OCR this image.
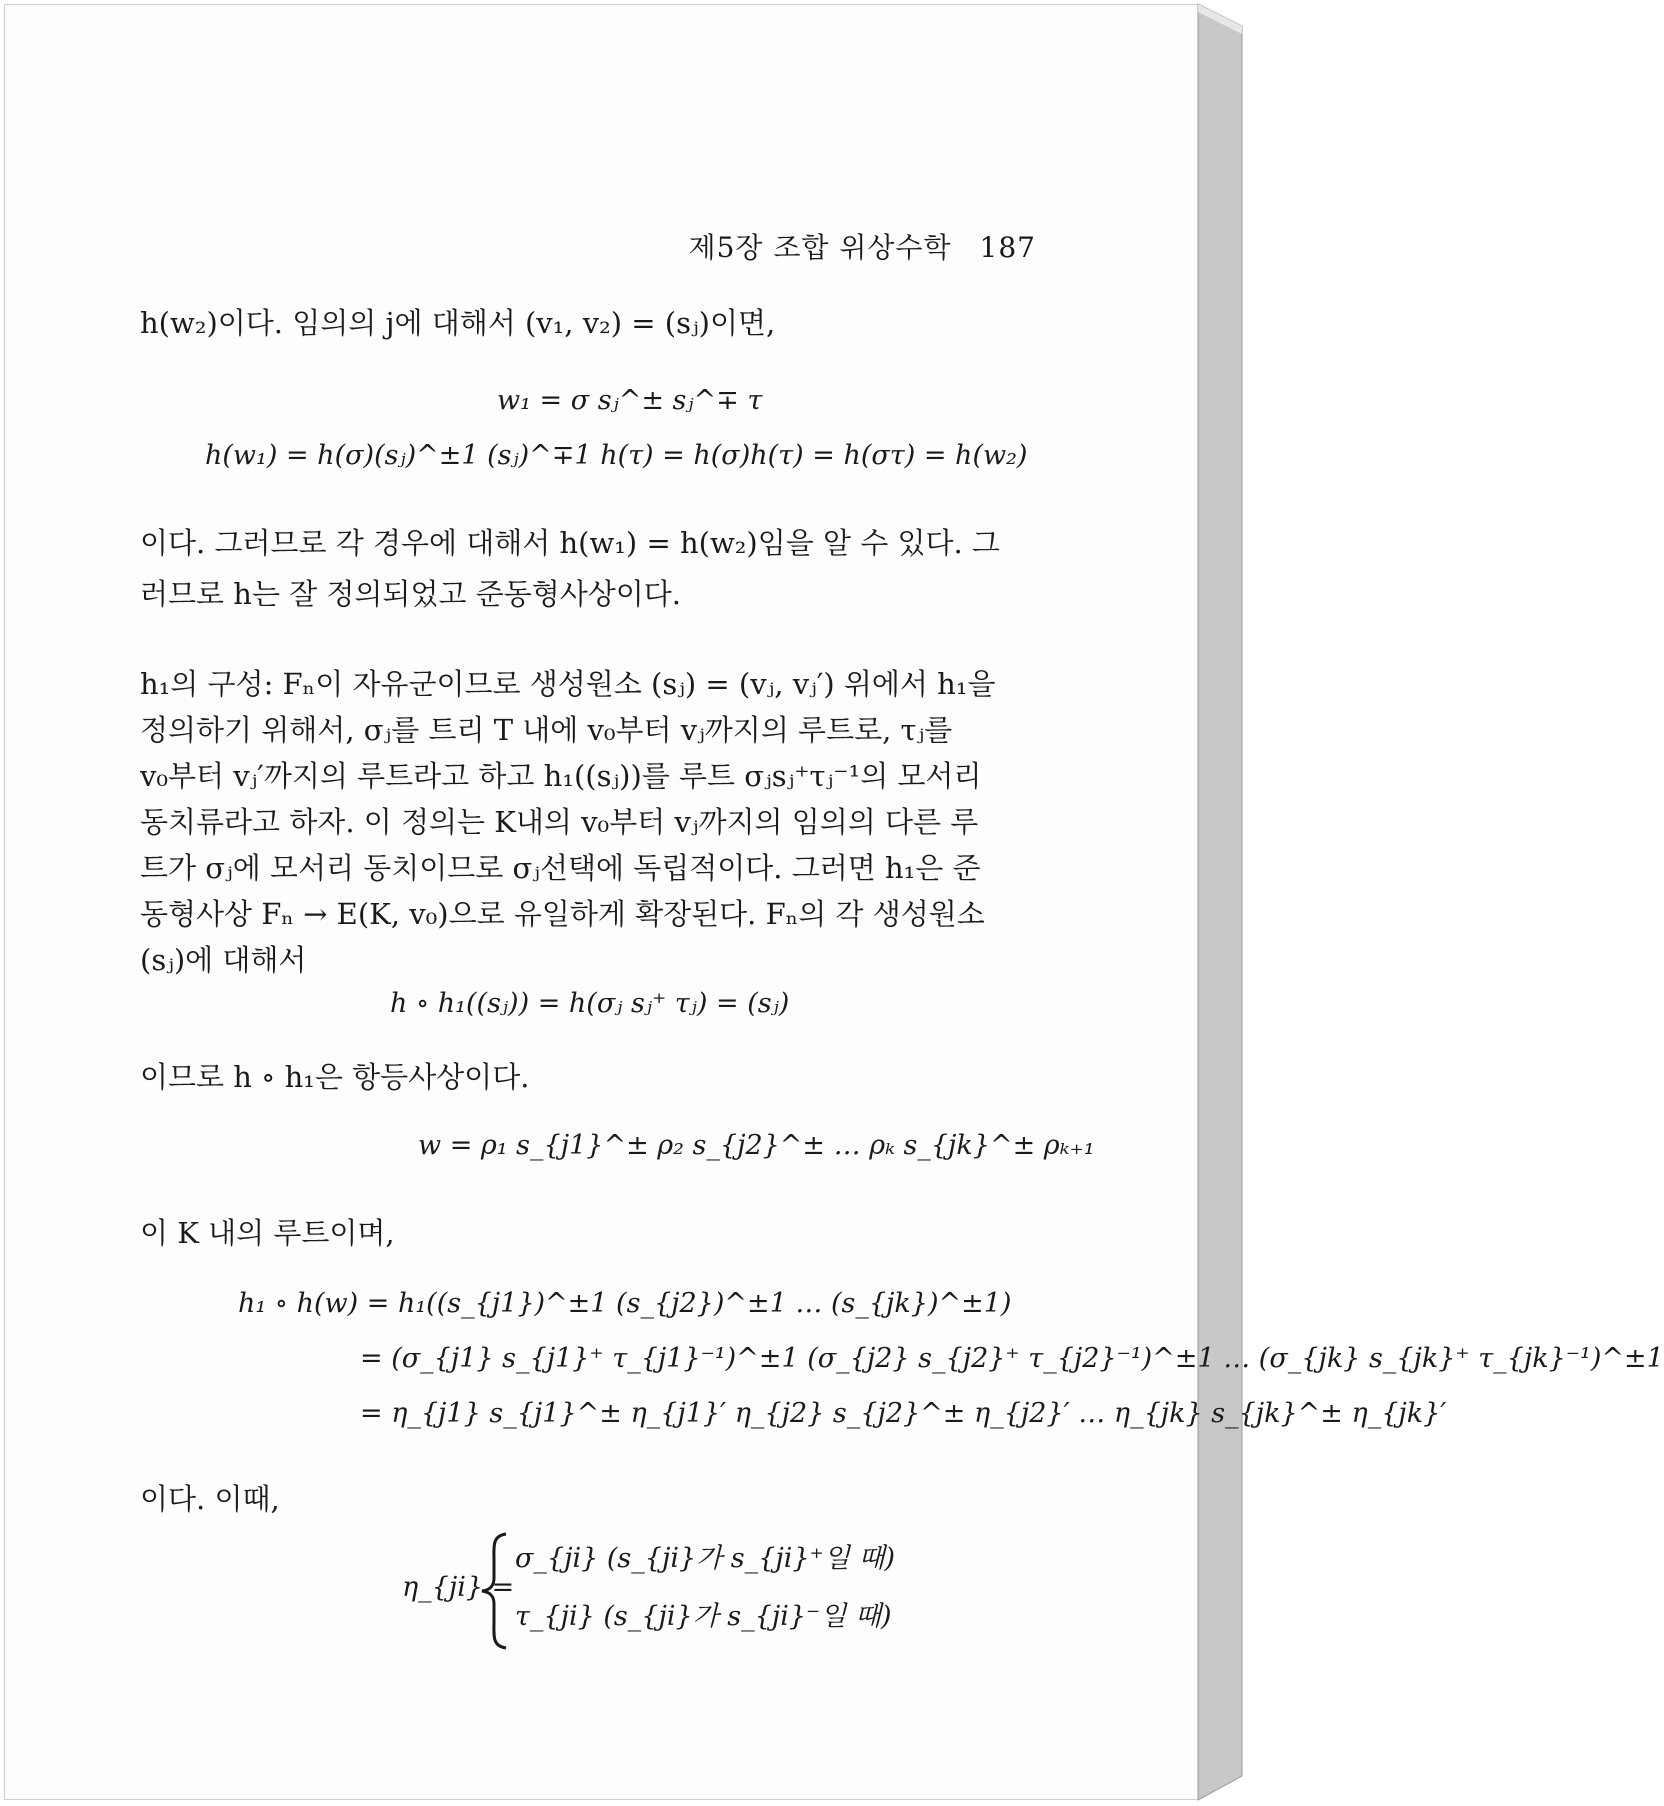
제5장 조합 위상수학 187
h(w₂)이다. 임의의 j에 대해서 (v₁, v₂) = (sⱼ)이면,
w₁ = σ sⱼ^± sⱼ^∓ τ
h(w₁) = h(σ)(sⱼ)^±1 (sⱼ)^∓1 h(τ) = h(σ)h(τ) = h(στ) = h(w₂)
이다. 그러므로 각 경우에 대해서 h(w₁) = h(w₂)임을 알 수 있다. 그
러므로 h는 잘 정의되었고 준동형사상이다.
h₁의 구성: Fₙ이 자유군이므로 생성원소 (sⱼ) = (vⱼ, vⱼ′) 위에서 h₁을
정의하기 위해서, σⱼ를 트리 T 내에 v₀부터 vⱼ까지의 루트로, τⱼ를
v₀부터 vⱼ′까지의 루트라고 하고 h₁((sⱼ))를 루트 σⱼsⱼ⁺τⱼ⁻¹의 모서리
동치류라고 하자. 이 정의는 K내의 v₀부터 vⱼ까지의 임의의 다른 루
트가 σⱼ에 모서리 동치이므로 σⱼ선택에 독립적이다. 그러면 h₁은 준
동형사상 Fₙ → E(K, v₀)으로 유일하게 확장된다. Fₙ의 각 생성원소
(sⱼ)에 대해서
h ∘ h₁((sⱼ)) = h(σⱼ sⱼ⁺ τⱼ) = (sⱼ)
이므로 h ∘ h₁은 항등사상이다.
w = ρ₁ s_{j1}^± ρ₂ s_{j2}^± … ρₖ s_{jk}^± ρₖ₊₁
이 K 내의 루트이며,
h₁ ∘ h(w) = h₁((s_{j1})^±1 (s_{j2})^±1 … (s_{jk})^±1)
= (σ_{j1} s_{j1}⁺ τ_{j1}⁻¹)^±1 (σ_{j2} s_{j2}⁺ τ_{j2}⁻¹)^±1 … (σ_{jk} s_{jk}⁺ τ_{jk}⁻¹)^±1
= η_{j1} s_{j1}^± η_{j1}′ η_{j2} s_{j2}^± η_{j2}′ … η_{jk} s_{jk}^± η_{jk}′
이다. 이때,
η_{ji} =
σ_{ji} (s_{ji}가 s_{ji}⁺일 때)
τ_{ji} (s_{ji}가 s_{ji}⁻일 때)
